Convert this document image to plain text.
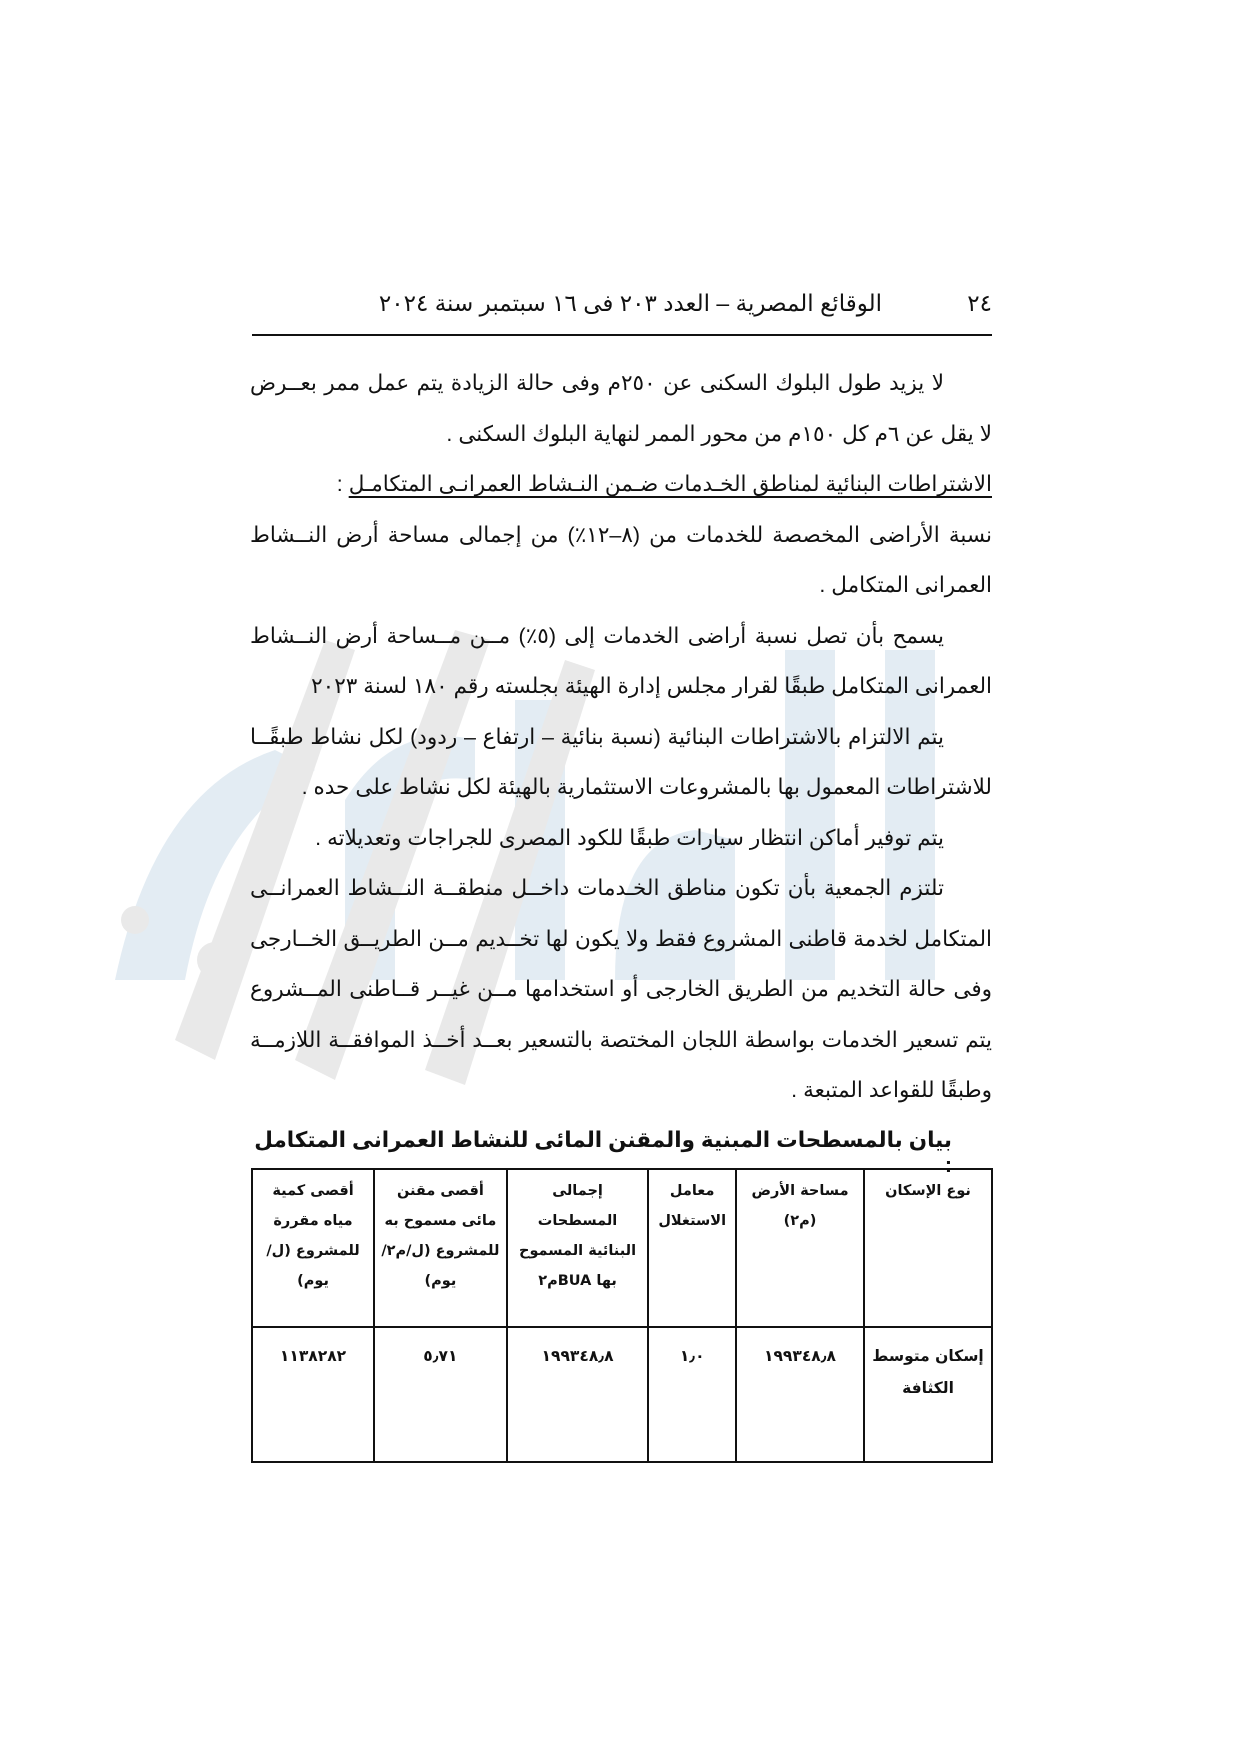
٢٤
الوقائع المصرية – العدد ٢٠٣ فى ١٦ سبتمبر سنة ٢٠٢٤

لا يزيد طول البلوك السكنى عن ٢٥٠م وفى حالة الزيادة يتم عمل ممر بعــرض

لا يقل عن ٦م كل ١٥٠م من محور الممر لنهاية البلوك السكنى .

الاشتراطات البنائية لمناطق الخـدمات ضـمن النـشاط العمرانـى المتكامـل :

نسبة الأراضى المخصصة للخدمات من (٨–١٢٪) من إجمالى مساحة أرض النــشاط

العمرانى المتكامل .

يسمح بأن تصل نسبة أراضى الخدمات إلى (٥٪) مــن مــساحة أرض النــشاط

العمرانى المتكامل طبقًا لقرار مجلس إدارة الهيئة بجلسته رقم ١٨٠ لسنة ٢٠٢٣

يتم الالتزام بالاشتراطات البنائية (نسبة بنائية – ارتفاع – ردود) لكل نشاط طبقًــا

للاشتراطات المعمول بها بالمشروعات الاستثمارية بالهيئة لكل نشاط على حده .

يتم توفير أماكن انتظار سيارات طبقًا للكود المصرى للجراجات وتعديلاته .

تلتزم الجمعية بأن تكون مناطق الخـدمات داخــل منطقــة النــشاط العمرانــى

المتكامل لخدمة قاطنى المشروع فقط ولا يكون لها تخــديم مــن الطريــق الخــارجى

وفى حالة التخديم من الطريق الخارجى أو استخدامها مــن غيــر قــاطنى المــشروع

يتم تسعير الخدمات بواسطة اللجان المختصة بالتسعير بعــد أخــذ الموافقــة اللازمــة

وطبقًا للقواعد المتبعة .

بيان بالمسطحات المبنية والمقنن المائى للنشاط العمرانى المتكامل :
نوع الإسكان	مساحة الأرض (م٢)	معامل الاستغلال	إجمالى المسطحات البنائية المسموح بها BUAم٢	أقصى مقنن مائى مسموح به للمشروع (ل/م٢/يوم)	أقصى كمية مياه مقررة للمشروع (ل/يوم)
إسكان متوسط الكثافة	١٩٩٣٤٨٫٨	١٫٠	١٩٩٣٤٨٫٨	٥٫٧١	١١٣٨٢٨٢
